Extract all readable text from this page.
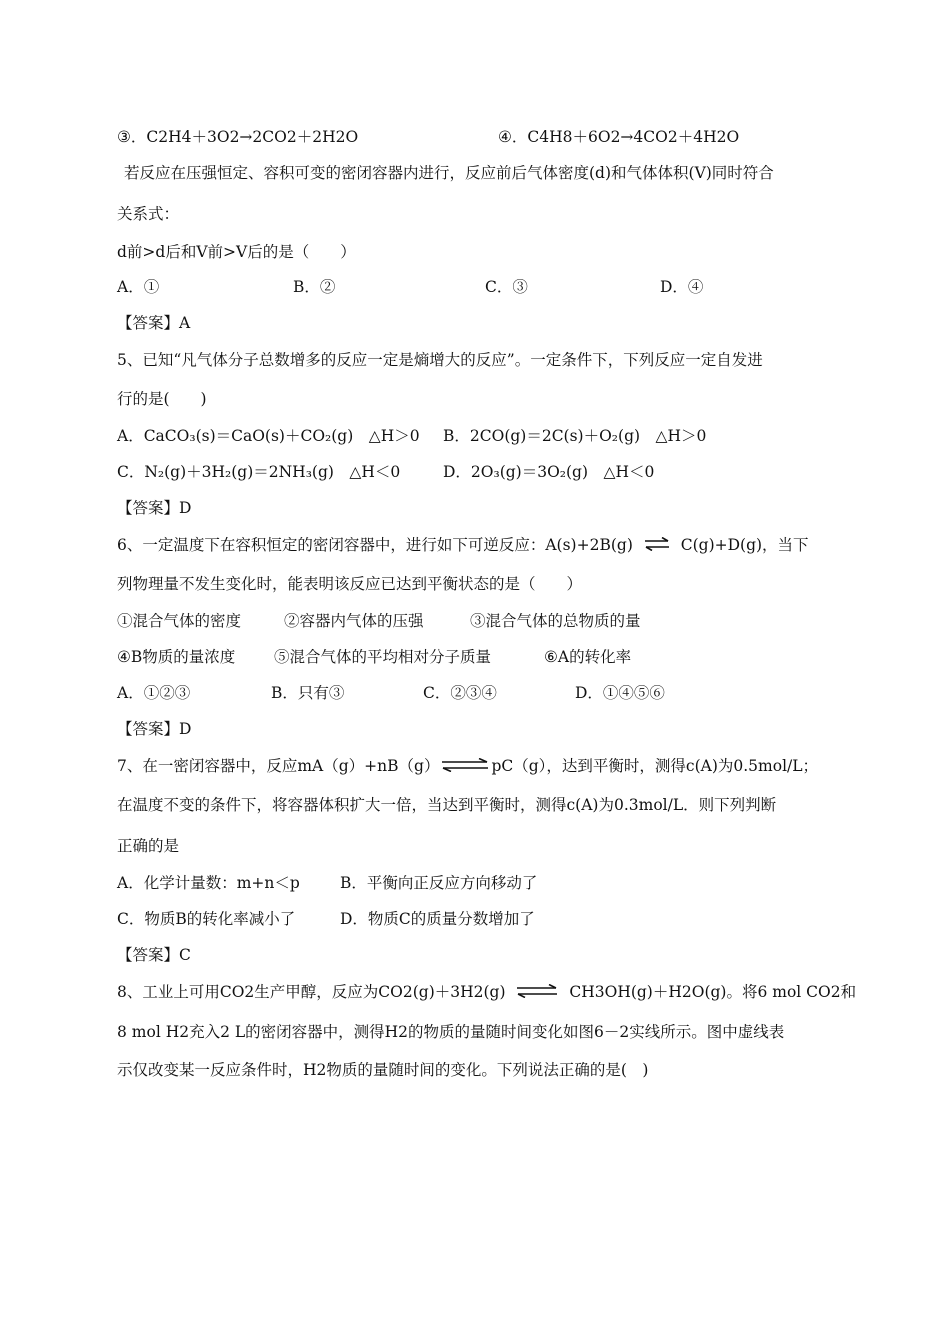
③．C2H4＋3O2→2CO2＋2H2O	④．C4H8＋6O2→4CO2＋4H2O
若反应在压强恒定、容积可变的密闭容器内进行，反应前后气体密度(d)和气体体积(V)同时符合
关系式：
d前>d后和V前>V后的是（　　）
A．①	B．②	C．③	D．④
【答案】A
5、已知“凡气体分子总数增多的反应一定是熵增大的反应”。一定条件下，下列反应一定自发进
行的是(　　)
A．CaCO₃(s)＝CaO(s)＋CO₂(g)　△H＞0 B．2CO(g)＝2C(s)＋O₂(g)　△H＞0
C．N₂(g)＋3H₂(g)＝2NH₃(g)　△H＜0	D．2O₃(g)＝3O₂(g)　△H＜0
【答案】D
6、一定温度下在容积恒定的密闭容器中，进行如下可逆反应：A(s)+2B(g) ⇌ C(g)+D(g)，当下
列物理量不发生变化时，能表明该反应已达到平衡状态的是（　　）
①混合气体的密度	②容器内气体的压强	③混合气体的总物质的量
④B物质的量浓度 ⑤混合气体的平均相对分子质量	⑥A的转化率
A．①②③	B．只有③	C．②③④	D．①④⑤⑥
【答案】D
7、在一密闭容器中，反应mA（g）+nB（g） ⇌ pC（g），达到平衡时，测得c(A)为0.5mol/L；
在温度不变的条件下，将容器体积扩大一倍，当达到平衡时，测得c(A)为0.3mol/L．则下列判断
正确的是
A．化学计量数：m+n＜p	B．平衡向正反应方向移动了
C．物质B的转化率减小了	D．物质C的质量分数增加了
【答案】C
8、工业上可用CO2生产甲醇，反应为CO2(g)＋3H2(g) ⇌ CH3OH(g)＋H2O(g)。将6 mol CO2和
8 mol H2充入2 L的密闭容器中，测得H2的物质的量随时间变化如图6－2实线所示。图中虚线表
示仅改变某一反应条件时，H2物质的量随时间的变化。下列说法正确的是(　)
